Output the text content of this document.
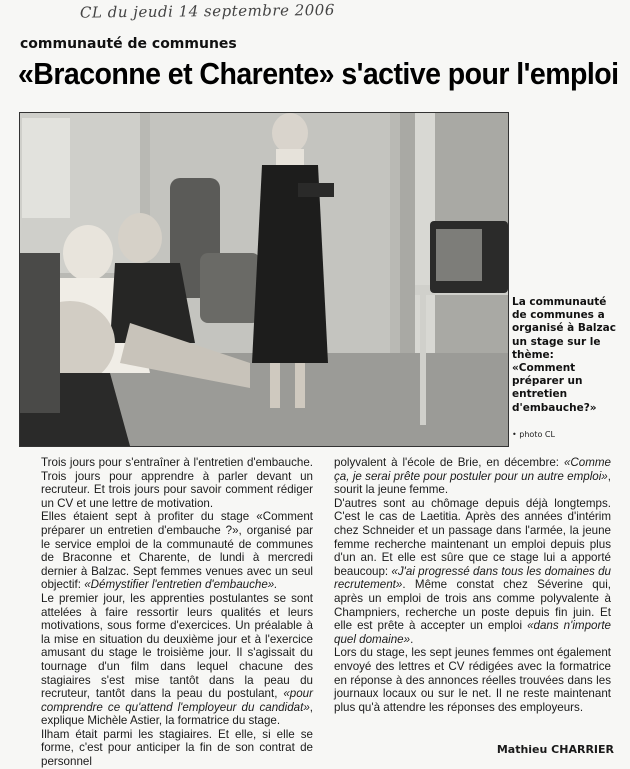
CL du jeudi 14 septembre 2006
communauté de communes
«Braconne et Charente» s'active pour l'emploi
La communauté de communes a organisé à Balzac un stage sur le thème: «Comment préparer un entretien d'embauche?»
• photo CL

Trois jours pour s'entraîner à l'entretien d'embauche. Trois jours pour apprendre à parler devant un recruteur. Et trois jours pour savoir comment rédiger un CV et une lettre de motivation.

Elles étaient sept à profiter du stage «Comment préparer un entretien d'embauche ?», organisé par le service emploi de la communauté de communes de Braconne et Charente, de lundi à mercredi dernier à Balzac. Sept femmes venues avec un seul objectif: «Démystifier l'entretien d'embauche».

Le premier jour, les apprenties postulantes se sont attelées à faire ressortir leurs qualités et leurs motivations, sous forme d'exercices. Un préalable à la mise en situation du deuxième jour et à l'exercice amusant du stage le troisième jour. Il s'agissait du tournage d'un film dans lequel chacune des stagiaires s'est mise tantôt dans la peau du recruteur, tantôt dans la peau du postulant, «pour comprendre ce qu'attend l'employeur du candidat», explique Michèle Astier, la formatrice du stage.

Ilham était parmi les stagiaires. Et elle, si elle se forme, c'est pour anticiper la fin de son contrat de personnel

polyvalent à l'école de Brie, en décembre: «Comme ça, je serai prête pour postuler pour un autre emploi», sourit la jeune femme.

D'autres sont au chômage depuis déjà longtemps. C'est le cas de Laetitia. Après des années d'intérim chez Schneider et un passage dans l'armée, la jeune femme recherche maintenant un emploi depuis plus d'un an. Et elle est sûre que ce stage lui a apporté beaucoup: «J'ai progressé dans tous les domaines du recrutement». Même constat chez Séverine qui, après un emploi de trois ans comme polyvalente à Champniers, recherche un poste depuis fin juin. Et elle est prête à accepter un emploi «dans n'importe quel domaine».

Lors du stage, les sept jeunes femmes ont également envoyé des lettres et CV rédigées avec la formatrice en réponse à des annonces réelles trouvées dans les journaux locaux ou sur le net. Il ne reste maintenant plus qu'à attendre les réponses des employeurs.

Mathieu CHARRIER
